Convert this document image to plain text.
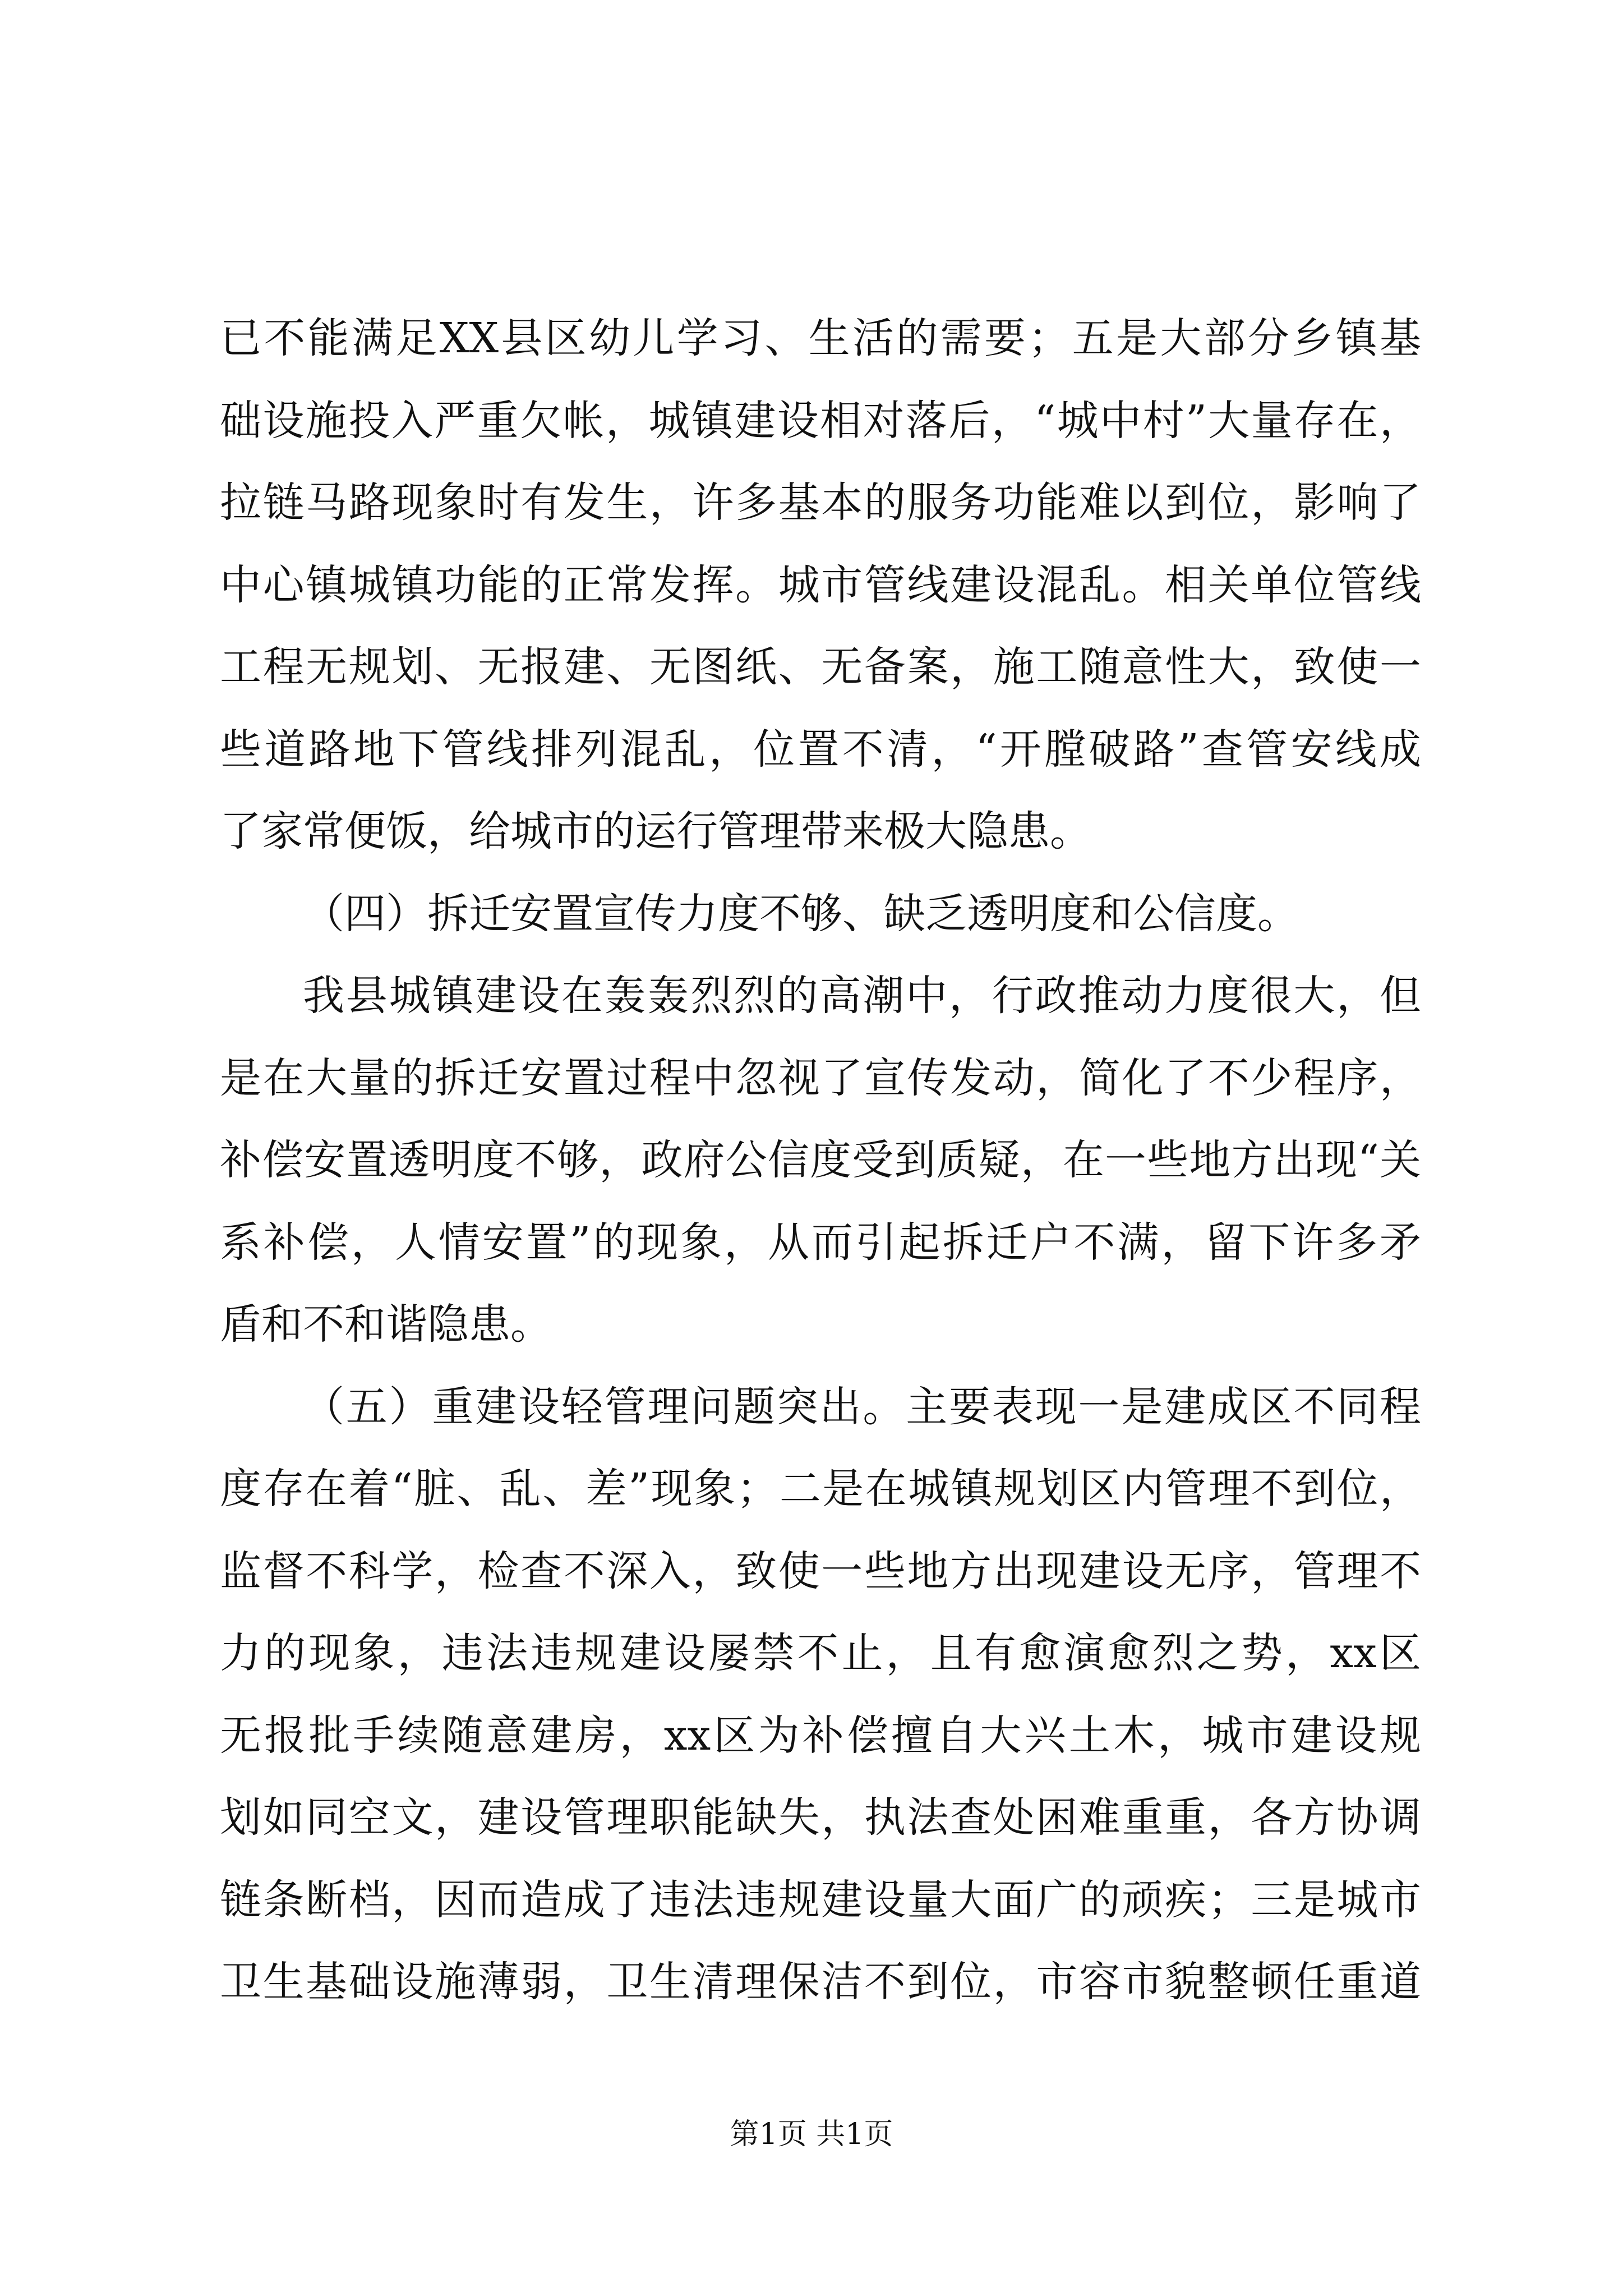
已不能满足XX县区幼儿学习、生活的需要；五是大部分乡镇基
础设施投入严重欠帐，城镇建设相对落后，“城中村”大量存在，
拉链马路现象时有发生，许多基本的服务功能难以到位，影响了
中心镇城镇功能的正常发挥。城市管线建设混乱。相关单位管线
工程无规划、无报建、无图纸、无备案，施工随意性大，致使一
些道路地下管线排列混乱，位置不清，“开膛破路”查管安线成
了家常便饭，给城市的运行管理带来极大隐患。
（四）拆迁安置宣传力度不够、缺乏透明度和公信度。
我县城镇建设在轰轰烈烈的高潮中，行政推动力度很大，但
是在大量的拆迁安置过程中忽视了宣传发动，简化了不少程序，
补偿安置透明度不够，政府公信度受到质疑，在一些地方出现“关
系补偿，人情安置”的现象，从而引起拆迁户不满，留下许多矛
盾和不和谐隐患。
（五）重建设轻管理问题突出。主要表现一是建成区不同程
度存在着“脏、乱、差”现象；二是在城镇规划区内管理不到位，
监督不科学，检查不深入，致使一些地方出现建设无序，管理不
力的现象，违法违规建设屡禁不止，且有愈演愈烈之势，xx区
无报批手续随意建房，xx区为补偿擅自大兴土木，城市建设规
划如同空文，建设管理职能缺失，执法查处困难重重，各方协调
链条断档，因而造成了违法违规建设量大面广的顽疾；三是城市
卫生基础设施薄弱，卫生清理保洁不到位，市容市貌整顿任重道
第1页 共1页
